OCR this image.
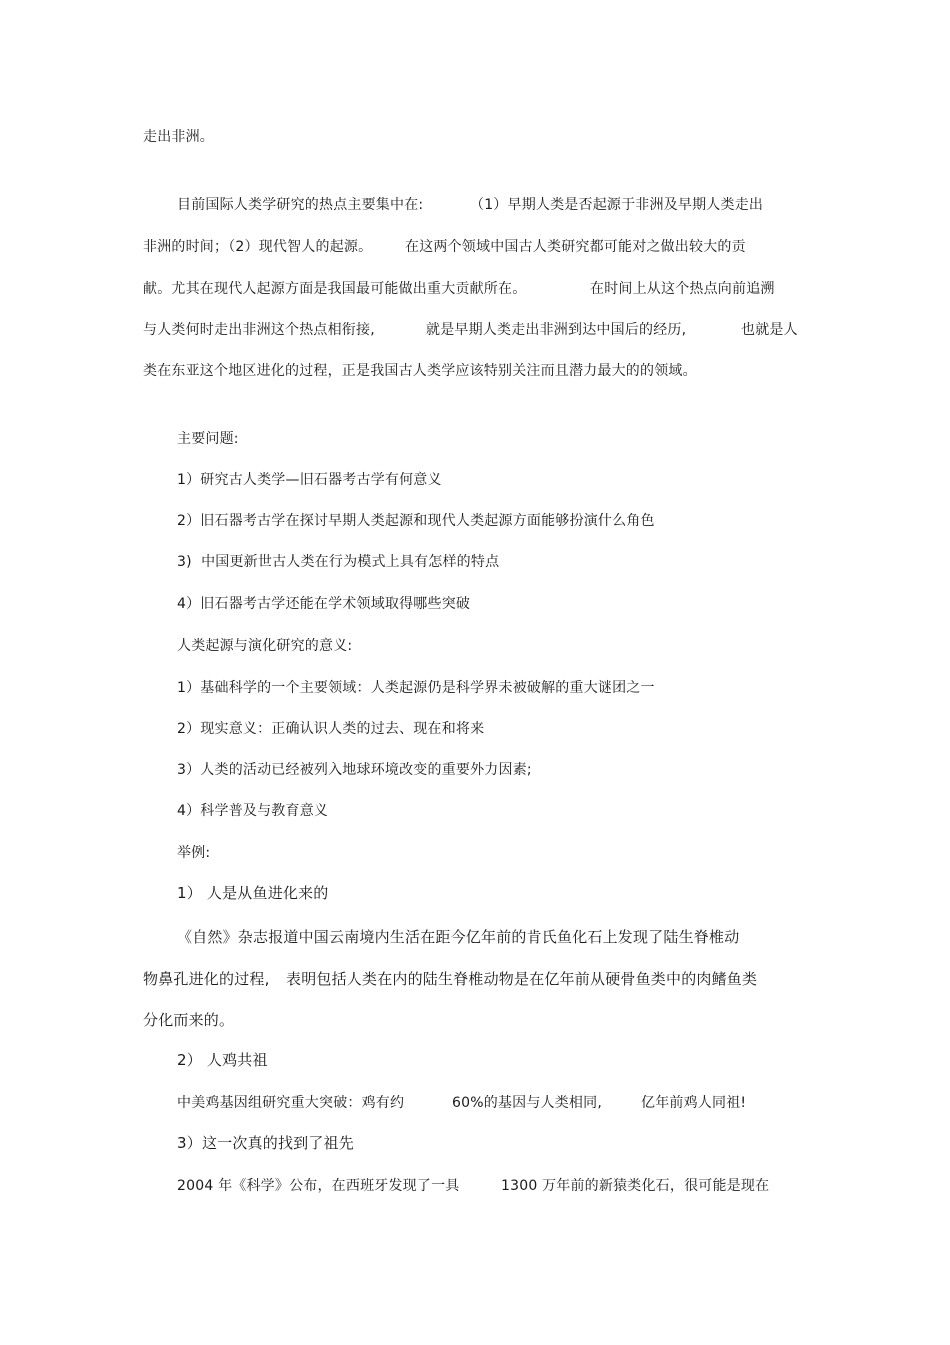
走出非洲。

目前国际人类学研究的热点主要集中在:

	（1）早期人类是否起源于非洲及早期人类走出

非洲的时间；（2）现代智人的起源。

在这两个领域中国古人类研究都可能对之做出较大的贡

献。尤其在现代人起源方面是我国最可能做出重大贡献所在。

	在时间上从这个热点向前追溯

与人类何时走出非洲这个热点相衔接,

	就是早期人类走出非洲到达中国后的经历,

	也就是人

类在东亚这个地区进化的过程，正是我国古人类学应该特别关注而且潜力最大的的领域。
主要问题:
1）研究古人类学—旧石器考古学有何意义
2）旧石器考古学在探讨早期人类起源和现代人类起源方面能够扮演什么角色
3)  中国更新世古人类在行为模式上具有怎样的特点
4）旧石器考古学还能在学术领域取得哪些突破
人类起源与演化研究的意义:
1）基础科学的一个主要领域：人类起源仍是科学界未被破解的重大谜团之一
2）现实意义：正确认识人类的过去、现在和将来
3）人类的活动已经被列入地球环境改变的重要外力因素;
4）科学普及与教育意义
举例:
1） 人是从鱼进化来的
《自然》杂志报道中国云南境内生活在距今亿年前的肯氏鱼化石上发现了陆生脊椎动

物鼻孔进化的过程,

表明包括人类在内的陆生脊椎动物是在亿年前从硬骨鱼类中的肉鳍鱼类

分化而来的。
2） 人鸡共祖

中美鸡基因组研究重大突破：鸡有约

	60%的基因与人类相同,

	亿年前鸡人同祖!

3）这一次真的找到了祖先

2004 年《科学》公布，在西班牙发现了一具

	1300 万年前的新猿类化石，很可能是现在
